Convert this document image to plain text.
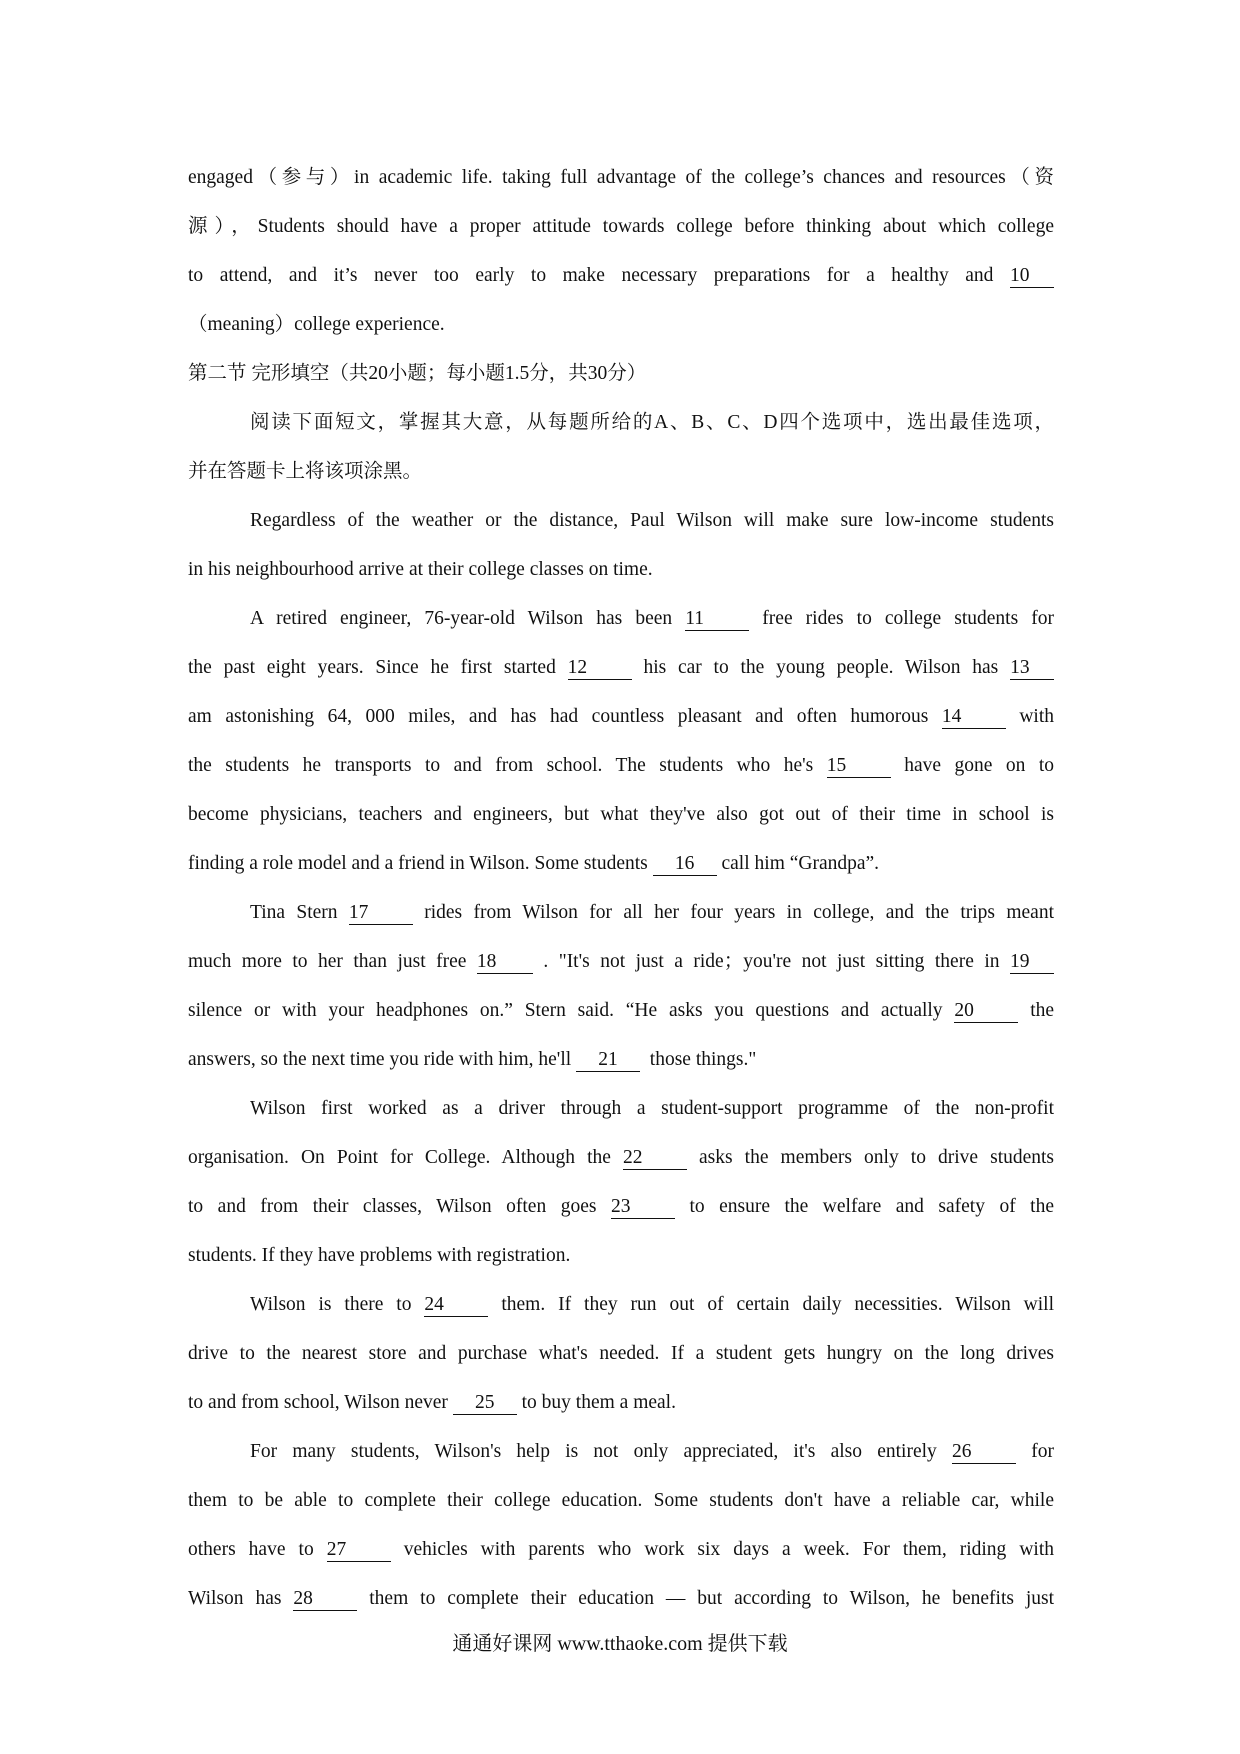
engaged（参与）in academic life. taking full advantage of the college’s chances and resources（资
源），Students should have a proper attitude towards college before thinking about which college
to attend, and it’s never too early to make necessary preparations for a healthy and 10
（meaning）college experience.
第二节 完形填空（共20小题；每小题1.5分，共30分）
阅读下面短文，掌握其大意，从每题所给的A、B、C、D四个选项中，选出最佳选项，
并在答题卡上将该项涂黑。
Regardless of the weather or the distance, Paul Wilson will make sure low-income students
in his neighbourhood arrive at their college classes on time.
A retired engineer, 76-year-old Wilson has been 11	free rides to college students for
the past eight years. Since he first started 12	his car to the young people. Wilson has 13
am astonishing 64, 000 miles, and has had countless pleasant and often humorous 14	with
the students he transports to and from school. The students who he's 15	have gone on to
become physicians, teachers and engineers, but what they've also got out of their time in school is
finding a role model and a friend in Wilson. Some students 16 call him “Grandpa”.
Tina Stern 17	rides from Wilson for all her four years in college, and the trips meant
much more to her than just free 18 . "It's not just a ride；you're not just sitting there in 19
silence or with your headphones on.” Stern said. “He asks you questions and actually 20	the
answers, so the next time you ride with him, he'll 21 those things."
Wilson first worked as a driver through a student-support programme of the non-profit
organisation. On Point for College. Although the 22	asks the members only to drive students
to and from their classes, Wilson often goes 23	to ensure the welfare and safety of the
students. If they have problems with registration.
Wilson is there to 24	them. If they run out of certain daily necessities. Wilson will
drive to the nearest store and purchase what's needed. If a student gets hungry on the long drives
to and from school, Wilson never 25 to buy them a meal.
For many students, Wilson's help is not only appreciated, it's also entirely 26	for
them to be able to complete their college education. Some students don't have a reliable car, while
others have to 27	vehicles with parents who work six days a week. For them, riding with
Wilson has 28	them to complete their education — but according to Wilson, he benefits just
通通好课网 www.tthaoke.com 提供下载
